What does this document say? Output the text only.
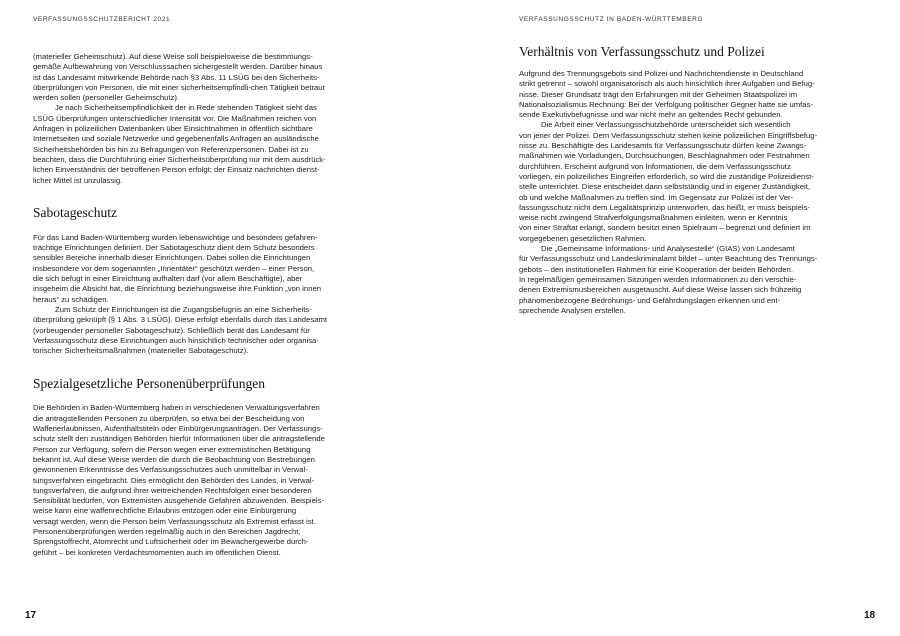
VERFASSUNGSSCHUTZBERICHT 2021

(materieller Geheimschutz). Auf diese Weise soll beispielsweise die bestimmungs-
gemäße Aufbewahrung von Verschlusssachen sichergestellt werden. Darüber hinaus
ist das Landesamt mitwirkende Behörde nach §3 Abs. 11 LSÜG bei den Sicherheits-
überprüfungen von Personen, die mit einer sicherheitsempfindli-chen Tätigkeit betraut
werden sollen (personeller Geheimschutz).

Je nach Sicherheitsempfindlichkeit der in Rede stehenden Tätigkeit sieht das
LSÜG Überprüfungen unterschiedlicher Intensität vor. Die Maßnahmen reichen von
Anfragen in polizeilichen Datenbanken über Einsichtnahmen in öffentlich sichtbare
Internetseiten und soziale Netzwerke und gegebenenfalls Anfragen an ausländische
Sicherheitsbehörden bis hin zu Befragungen von Referenzpersonen. Dabei ist zu
beachten, dass die Durchführung einer Sicherheitsüberprüfung nur mit dem ausdrück-
lichen Einverständnis der betroffenen Person erfolgt; der Einsatz nachrichten dienst-
licher Mittel ist unzulässig.

Sabotageschutz

Für das Land Baden-Württemberg wurden lebenswichtige und besonders gefahren-
trächtige Einrichtungen definiert. Der Sabotageschutz dient dem Schutz besonders
sensibler Bereiche innerhalb dieser Einrichtungen. Dabei sollen die Einrichtungen
insbesondere vor dem sogenannten „Innentäter“ geschützt werden – einer Person,
die sich befugt in einer Einrichtung aufhalten darf (vor allem Beschäftigte), aber
insgeheim die Absicht hat, die Einrichtung beziehungsweise ihre Funktion „von innen
heraus“ zu schädigen.

Zum Schutz der Einrichtungen ist die Zugangsbefugnis an eine Sicherheits-
überprüfung geknüpft (§ 1 Abs. 3 LSÜG). Diese erfolgt ebenfalls durch das Landesamt
(vorbeugender personeller Sabotageschutz). Schließlich berät das Landesamt für
Verfassungsschutz diese Einrichtungen auch hinsichtlich technischer oder organisa-
torischer Sicherheitsmaßnahmen (materieller Sabotageschutz).

Spezialgesetzliche Personenüberprüfungen

Die Behörden in Baden-Württemberg haben in verschiedenen Verwaltungsverfahren
die antragstellenden Personen zu überprüfen, so etwa bei der Bescheidung von
Waffenerlaubnissen, Aufenthaltstiteln oder Einbürgerungsanträgen. Der Verfassungs-
schutz stellt den zuständigen Behörden hierfür Informationen über die antragstellende
Person zur Verfügung, sofern die Person wegen einer extremistischen Betätigung
bekannt ist. Auf diese Weise werden die durch die Beobachtung von Bestrebungen
gewonnenen Erkenntnisse des Verfassungsschutzes auch unmittelbar in Verwal-
tungsverfahren eingebracht. Dies ermöglicht den Behörden des Landes, in Verwal-
tungsverfahren, die aufgrund ihrer weitreichenden Rechtsfolgen einer besonderen
Sensibilität bedürfen, von Extremisten ausgehende Gefahren abzuwenden. Beispiels-
weise kann eine waffenrechtliche Erlaubnis entzogen oder eine Einbürgerung
versagt werden, wenn die Person beim Verfassungsschutz als Extremist erfasst ist.
Personenüberprüfungen werden regelmäßig auch in den Bereichen Jagdrecht,
Sprengstoffrecht, Atomrecht und Luftsicherheit oder im Bewachergewerbe durch-
geführt – bei konkreten Verdachtsmomenten auch im öffentlichen Dienst.

17
VERFASSUNGSSCHUTZ IN BADEN-WÜRTTEMBERG
Verhältnis von Verfassungsschutz und Polizei

Aufgrund des Trennungsgebots sind Polizei und Nachrichtendienste in Deutschland
strikt getrennt – sowohl organisatorisch als auch hinsichtlich ihrer Aufgaben und Befug-
nisse. Dieser Grundsatz trägt den Erfahrungen mit der Geheimen Staatspolizei im
Nationalsozialismus Rechnung: Bei der Verfolgung politischer Gegner hatte sie umfas-
sende Exekutivbefugnisse und war nicht mehr an geltendes Recht gebunden.

Die Arbeit einer Verfassungsschutzbehörde unterscheidet sich wesentlich
von jener der Polizei. Dem Verfassungsschutz stehen keine polizeilichen Eingriffsbefug-
nisse zu. Beschäftigte des Landesamts für Verfassungsschutz dürfen keine Zwangs-
maßnahmen wie Vorladungen, Durchsuchungen, Beschlagnahmen oder Festnahmen
durchführen. Erscheint aufgrund von Informationen, die dem Verfassungsschutz
vorliegen, ein polizeiliches Eingreifen erforderlich, so wird die zuständige Polizeidienst-
stelle unterrichtet. Diese entscheidet dann selbstständig und in eigener Zuständigkeit,
ob und welche Maßnahmen zu treffen sind. Im Gegensatz zur Polizei ist der Ver-
fassungsschutz nicht dem Legalitätsprinzip unterworfen, das heißt, er muss beispiels-
weise nicht zwingend Strafverfolgungsmaßnahmen einleiten, wenn er Kenntnis
von einer Straftat erlangt, sondern besitzt einen Spielraum – begrenzt und definiert im
vorgegebenen gesetzlichen Rahmen.

Die „Gemeinsame Informations- und Analysestelle“ (GIAS) von Landesamt
für Verfassungsschutz und Landeskriminalamt bildet – unter Beachtung des Trennungs-
gebots – den institutionellen Rahmen für eine Kooperation der beiden Behörden.
In regelmäßigen gemeinsamen Sitzungen werden Informationen zu den verschie-
denen Extremismusbereichen ausgetauscht. Auf diese Weise lassen sich frühzeitig
phänomenbezogene Bedrohungs- und Gefährdungslagen erkennen und ent-
sprechende Analysen erstellen.

18
